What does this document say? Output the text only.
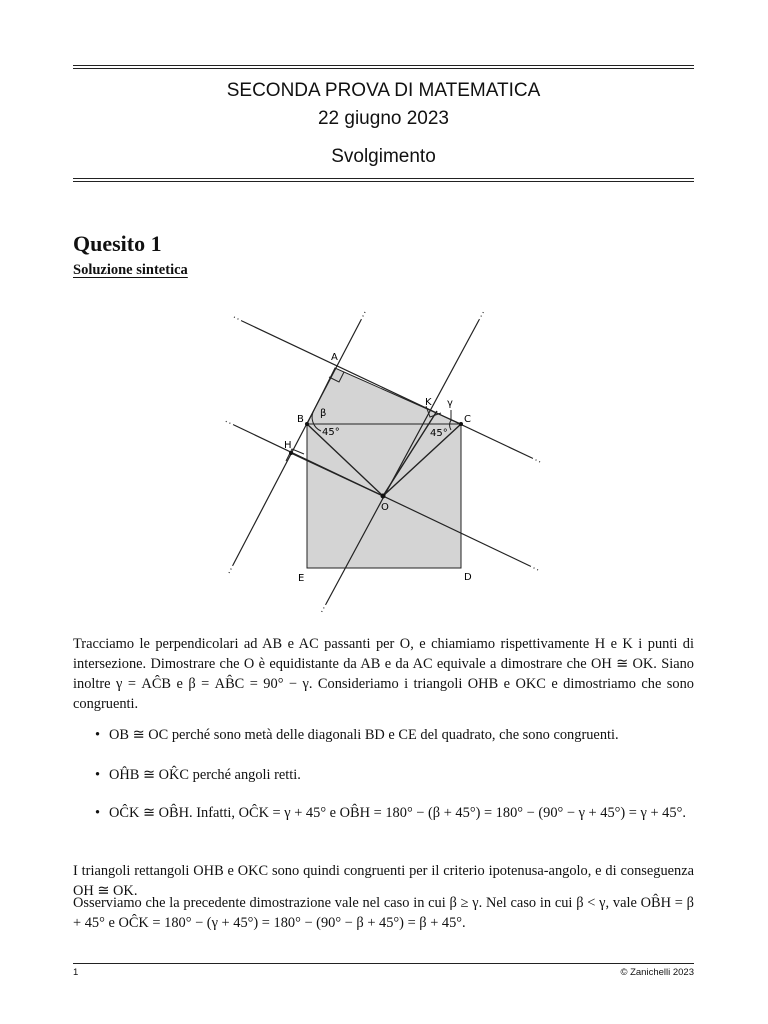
SECONDA PROVA DI MATEMATICA
22 giugno 2023
Svolgimento
Quesito 1
Soluzione sintetica
A
B	C
D
E
H
K
O
β
γ
45°	45°
Tracciamo le perpendicolari ad AB e AC passanti per O, e chiamiamo rispettivamente H e K i punti di intersezione. Dimostrare che O è equidistante da AB e da AC equivale a dimostrare che OH ≅ OK. Siano inoltre γ = AĈB e β = AB̂C = 90° − γ. Consideriamo i triangoli OHB e OKC e dimostriamo che sono congruenti.
• OB ≅ OC perché sono metà delle diagonali BD e CE del quadrato, che sono congruenti.
• OĤB ≅ OK̂C perché angoli retti.
• OĈK ≅ OB̂H. Infatti, OĈK = γ + 45° e OB̂H = 180° − (β + 45°) = 180° − (90° − γ + 45°) = γ + 45°.
I triangoli rettangoli OHB e OKC sono quindi congruenti per il criterio ipotenusa-angolo, e di conseguenza OH ≅ OK.
Osserviamo che la precedente dimostrazione vale nel caso in cui β ≥ γ. Nel caso in cui β < γ, vale OB̂H = β + 45° e OĈK = 180° − (γ + 45°) = 180° − (90° − β + 45°) = β + 45°.
1	© Zanichelli 2023
